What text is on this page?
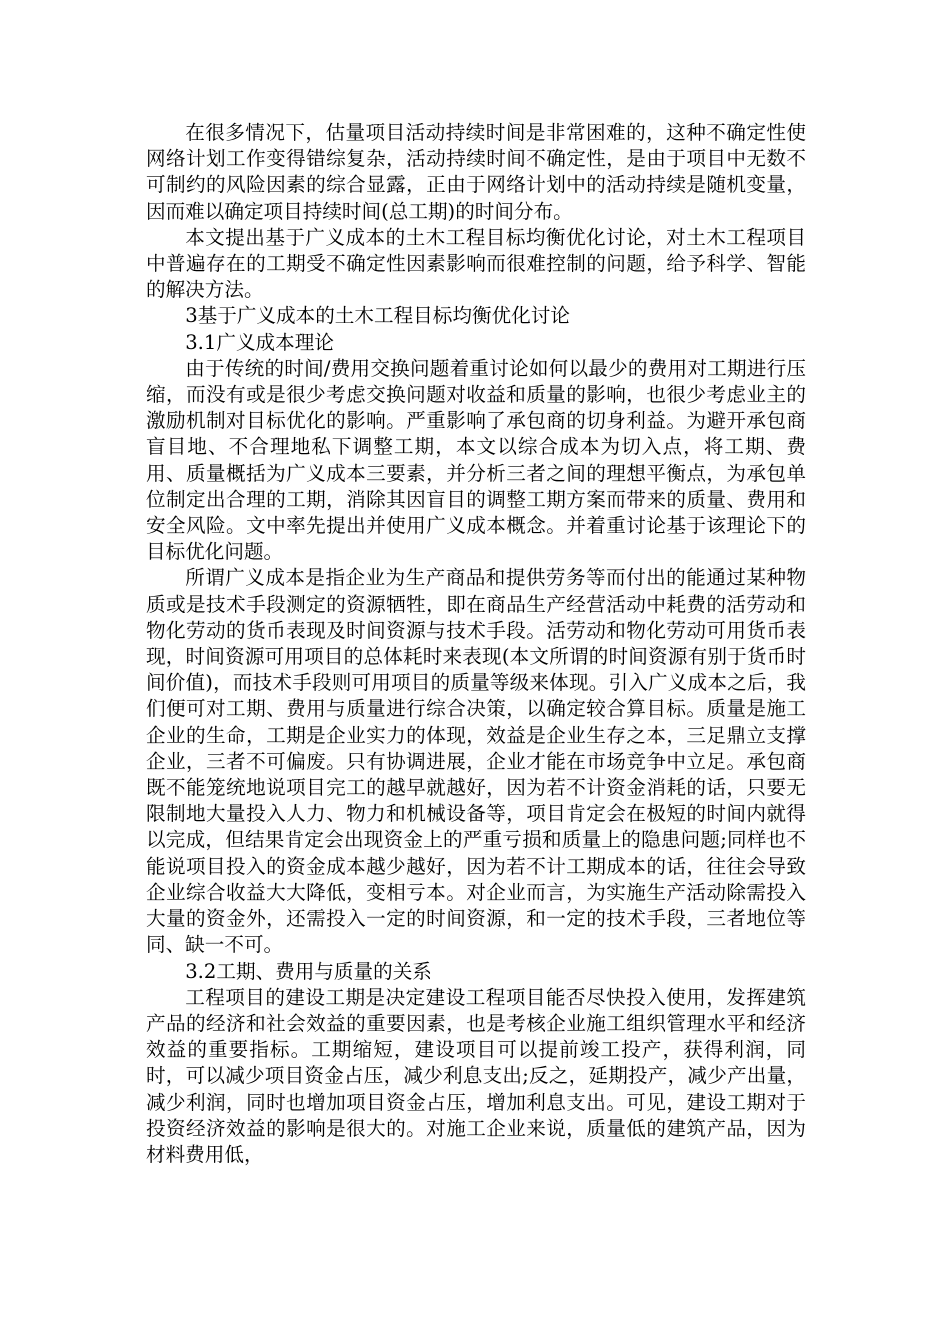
在很多情况下，估量项目活动持续时间是非常困难的，这种不确定性使网络计划工作变得错综复杂，活动持续时间不确定性，是由于项目中无数不可制约的风险因素的综合显露，正由于网络计划中的活动持续是随机变量，因而难以确定项目持续时间(总工期)的时间分布。

本文提出基于广义成本的土木工程目标均衡优化讨论，对土木工程项目中普遍存在的工期受不确定性因素影响而很难控制的问题，给予科学、智能的解决方法。

3基于广义成本的土木工程目标均衡优化讨论

3.1广义成本理论

由于传统的时间/费用交换问题着重讨论如何以最少的费用对工期进行压缩，而没有或是很少考虑交换问题对收益和质量的影响，也很少考虑业主的激励机制对目标优化的影响。严重影响了承包商的切身利益。为避开承包商盲目地、不合理地私下调整工期，本文以综合成本为切入点，将工期、费用、质量概括为广义成本三要素，并分析三者之间的理想平衡点，为承包单位制定出合理的工期，消除其因盲目的调整工期方案而带来的质量、费用和安全风险。文中率先提出并使用广义成本概念。并着重讨论基于该理论下的目标优化问题。

所谓广义成本是指企业为生产商品和提供劳务等而付出的能通过某种物质或是技术手段测定的资源牺牲，即在商品生产经营活动中耗费的活劳动和物化劳动的货币表现及时间资源与技术手段。活劳动和物化劳动可用货币表现，时间资源可用项目的总体耗时来表现(本文所谓的时间资源有别于货币时间价值)，而技术手段则可用项目的质量等级来体现。引入广义成本之后，我们便可对工期、费用与质量进行综合决策，以确定较合算目标。质量是施工企业的生命，工期是企业实力的体现，效益是企业生存之本，三足鼎立支撑企业，三者不可偏废。只有协调进展，企业才能在市场竞争中立足。承包商既不能笼统地说项目完工的越早就越好，因为若不计资金消耗的话，只要无限制地大量投入人力、物力和机械设备等，项目肯定会在极短的时间内就得以完成，但结果肯定会出现资金上的严重亏损和质量上的隐患问题;同样也不能说项目投入的资金成本越少越好，因为若不计工期成本的话，往往会导致企业综合收益大大降低，变相亏本。对企业而言，为实施生产活动除需投入大量的资金外，还需投入一定的时间资源，和一定的技术手段，三者地位等同、缺一不可。

3.2工期、费用与质量的关系

工程项目的建设工期是决定建设工程项目能否尽快投入使用，发挥建筑产品的经济和社会效益的重要因素，也是考核企业施工组织管理水平和经济效益的重要指标。工期缩短，建设项目可以提前竣工投产，获得利润，同时，可以减少项目资金占压，减少利息支出;反之，延期投产，减少产出量，减少利润，同时也增加项目资金占压，增加利息支出。可见，建设工期对于投资经济效益的影响是很大的。对施工企业来说，质量低的建筑产品，因为材料费用低，
